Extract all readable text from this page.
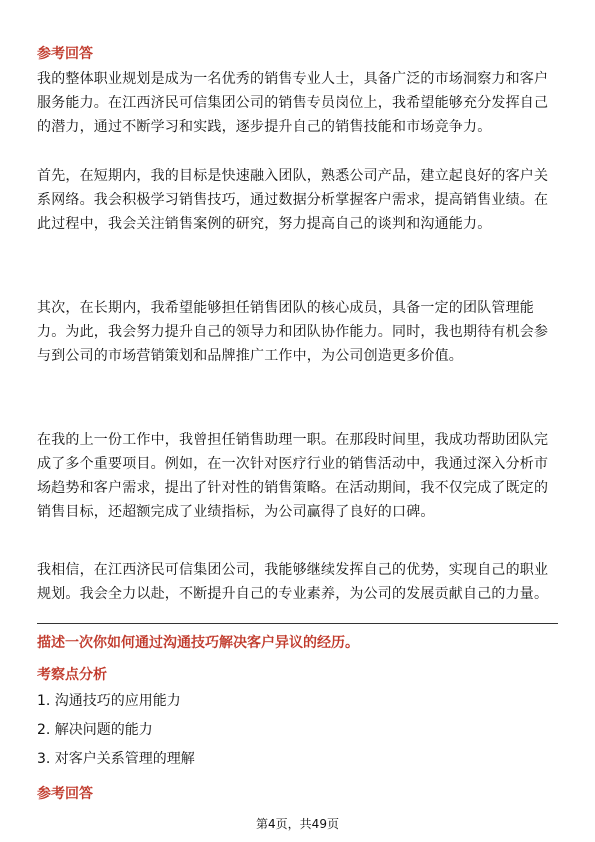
参考回答
我的整体职业规划是成为一名优秀的销售专业人士，具备广泛的市场洞察力和客户
服务能力。在江西济民可信集团公司的销售专员岗位上，我希望能够充分发挥自己
的潜力，通过不断学习和实践，逐步提升自己的销售技能和市场竞争力。
首先，在短期内，我的目标是快速融入团队，熟悉公司产品，建立起良好的客户关
系网络。我会积极学习销售技巧，通过数据分析掌握客户需求，提高销售业绩。在
此过程中，我会关注销售案例的研究，努力提高自己的谈判和沟通能力。
其次，在长期内，我希望能够担任销售团队的核心成员，具备一定的团队管理能
力。为此，我会努力提升自己的领导力和团队协作能力。同时，我也期待有机会参
与到公司的市场营销策划和品牌推广工作中，为公司创造更多价值。
在我的上一份工作中，我曾担任销售助理一职。在那段时间里，我成功帮助团队完
成了多个重要项目。例如，在一次针对医疗行业的销售活动中，我通过深入分析市
场趋势和客户需求，提出了针对性的销售策略。在活动期间，我不仅完成了既定的
销售目标，还超额完成了业绩指标，为公司赢得了良好的口碑。
我相信，在江西济民可信集团公司，我能够继续发挥自己的优势，实现自己的职业
规划。我会全力以赴，不断提升自己的专业素养，为公司的发展贡献自己的力量。
描述一次你如何通过沟通技巧解决客户异议的经历。
考察点分析
1. 沟通技巧的应用能力
2. 解决问题的能力
3. 对客户关系管理的理解
参考回答
第4页，共49页
